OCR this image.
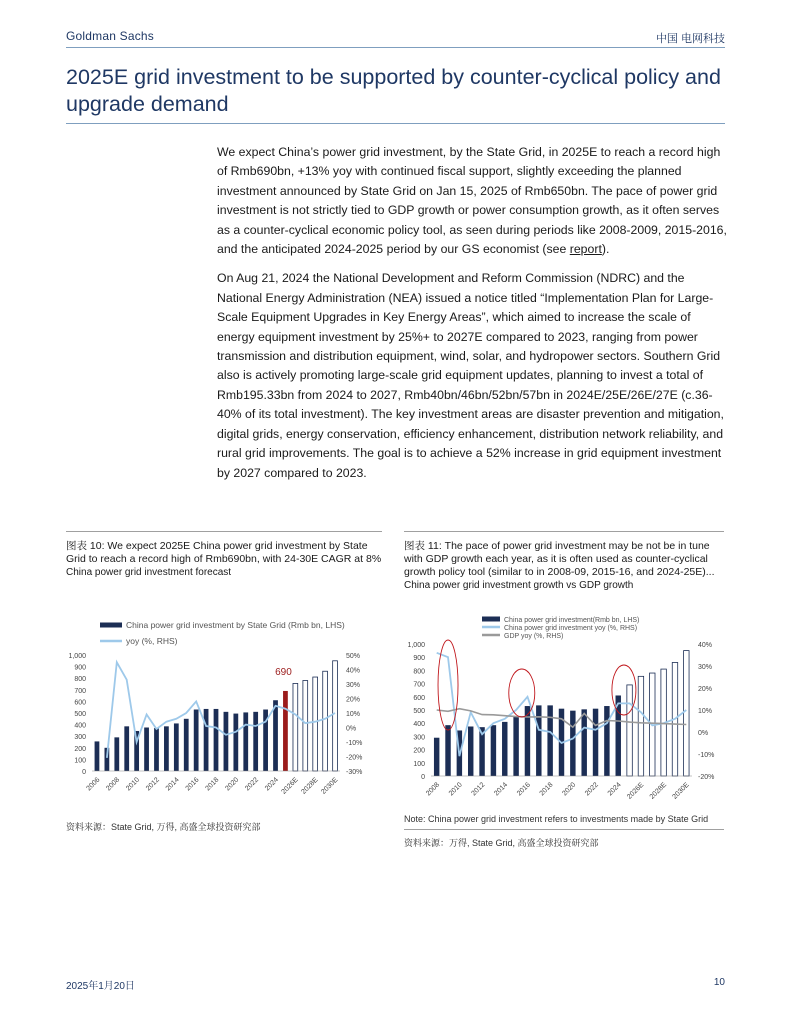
Goldman Sachs	中国 电网科技
2025E grid investment to be supported by counter-cyclical policy and upgrade demand

We expect China’s power grid investment, by the State Grid, in 2025E to reach a record high of Rmb690bn, +13% yoy with continued fiscal support, slightly exceeding the planned investment announced by State Grid on Jan 15, 2025 of Rmb650bn. The pace of power grid investment is not strictly tied to GDP growth or power consumption growth, as it often serves as a counter-cyclical economic policy tool, as seen during periods like 2008-2009, 2015-2016, and the anticipated 2024-2025 period by our GS economist (see report).

On Aug 21, 2024 the National Development and Reform Commission (NDRC) and the National Energy Administration (NEA) issued a notice titled “Implementation Plan for Large-Scale Equipment Upgrades in Key Energy Areas”, which aimed to increase the scale of energy equipment investment by 25%+ to 2027E compared to 2023, ranging from power transmission and distribution equipment, wind, solar, and hydropower sectors. Southern Grid also is actively promoting large-scale grid equipment updates, planning to invest a total of Rmb195.33bn from 2024 to 2027, Rmb40bn/46bn/52bn/57bn in 2024E/25E/26E/27E (c.36-40% of its total investment). The key investment areas are disaster prevention and mitigation, digital grids, energy conservation, efficiency enhancement, distribution network reliability, and rural grid improvements. The goal is to achieve a 52% increase in grid equipment investment by 2027 compared to 2023.

图表 10: We expect 2025E China power grid investment by State Grid to reach a record high of Rmb690bn, with 24-30E CAGR at 8%
China power grid investment forecast
图表 11: The pace of power grid investment may be not be in tune with GDP growth each year, as it is often used as counter-cyclical growth policy tool (similar to in 2008-09, 2015-16, and 2024-25E)...
China power grid investment growth vs GDP growth
China power grid investment by State Grid (Rmb bn, LHS)
yoy (%, RHS)
0
100
200
300
400
500
600
700
800
900
1,000
-30%
-20%
-10%
0%
10%
20%
30%
40%
50%
2006 2008 2010 2012 2014 2016 2018 2020 2022 2024 2026E 2028E 2030E
690
China power grid investment(Rmb bn, LHS)
China power grid investment yoy (%, RHS)
GDP yoy (%, RHS)
0
100
200
300
400
500
600
700
800
900
1,000
-20%
-10%
0%
10%
20%
30%
40%
2008 2010 2012 2014 2016 2018 2020 2022 2024 2026E 2028E 2030E
资料来源：State Grid, 万得, 高盛全球投资研究部
Note: China power grid investment refers to investments made by State Grid
资料来源：万得, State Grid, 高盛全球投资研究部
2025年1月20日	10
